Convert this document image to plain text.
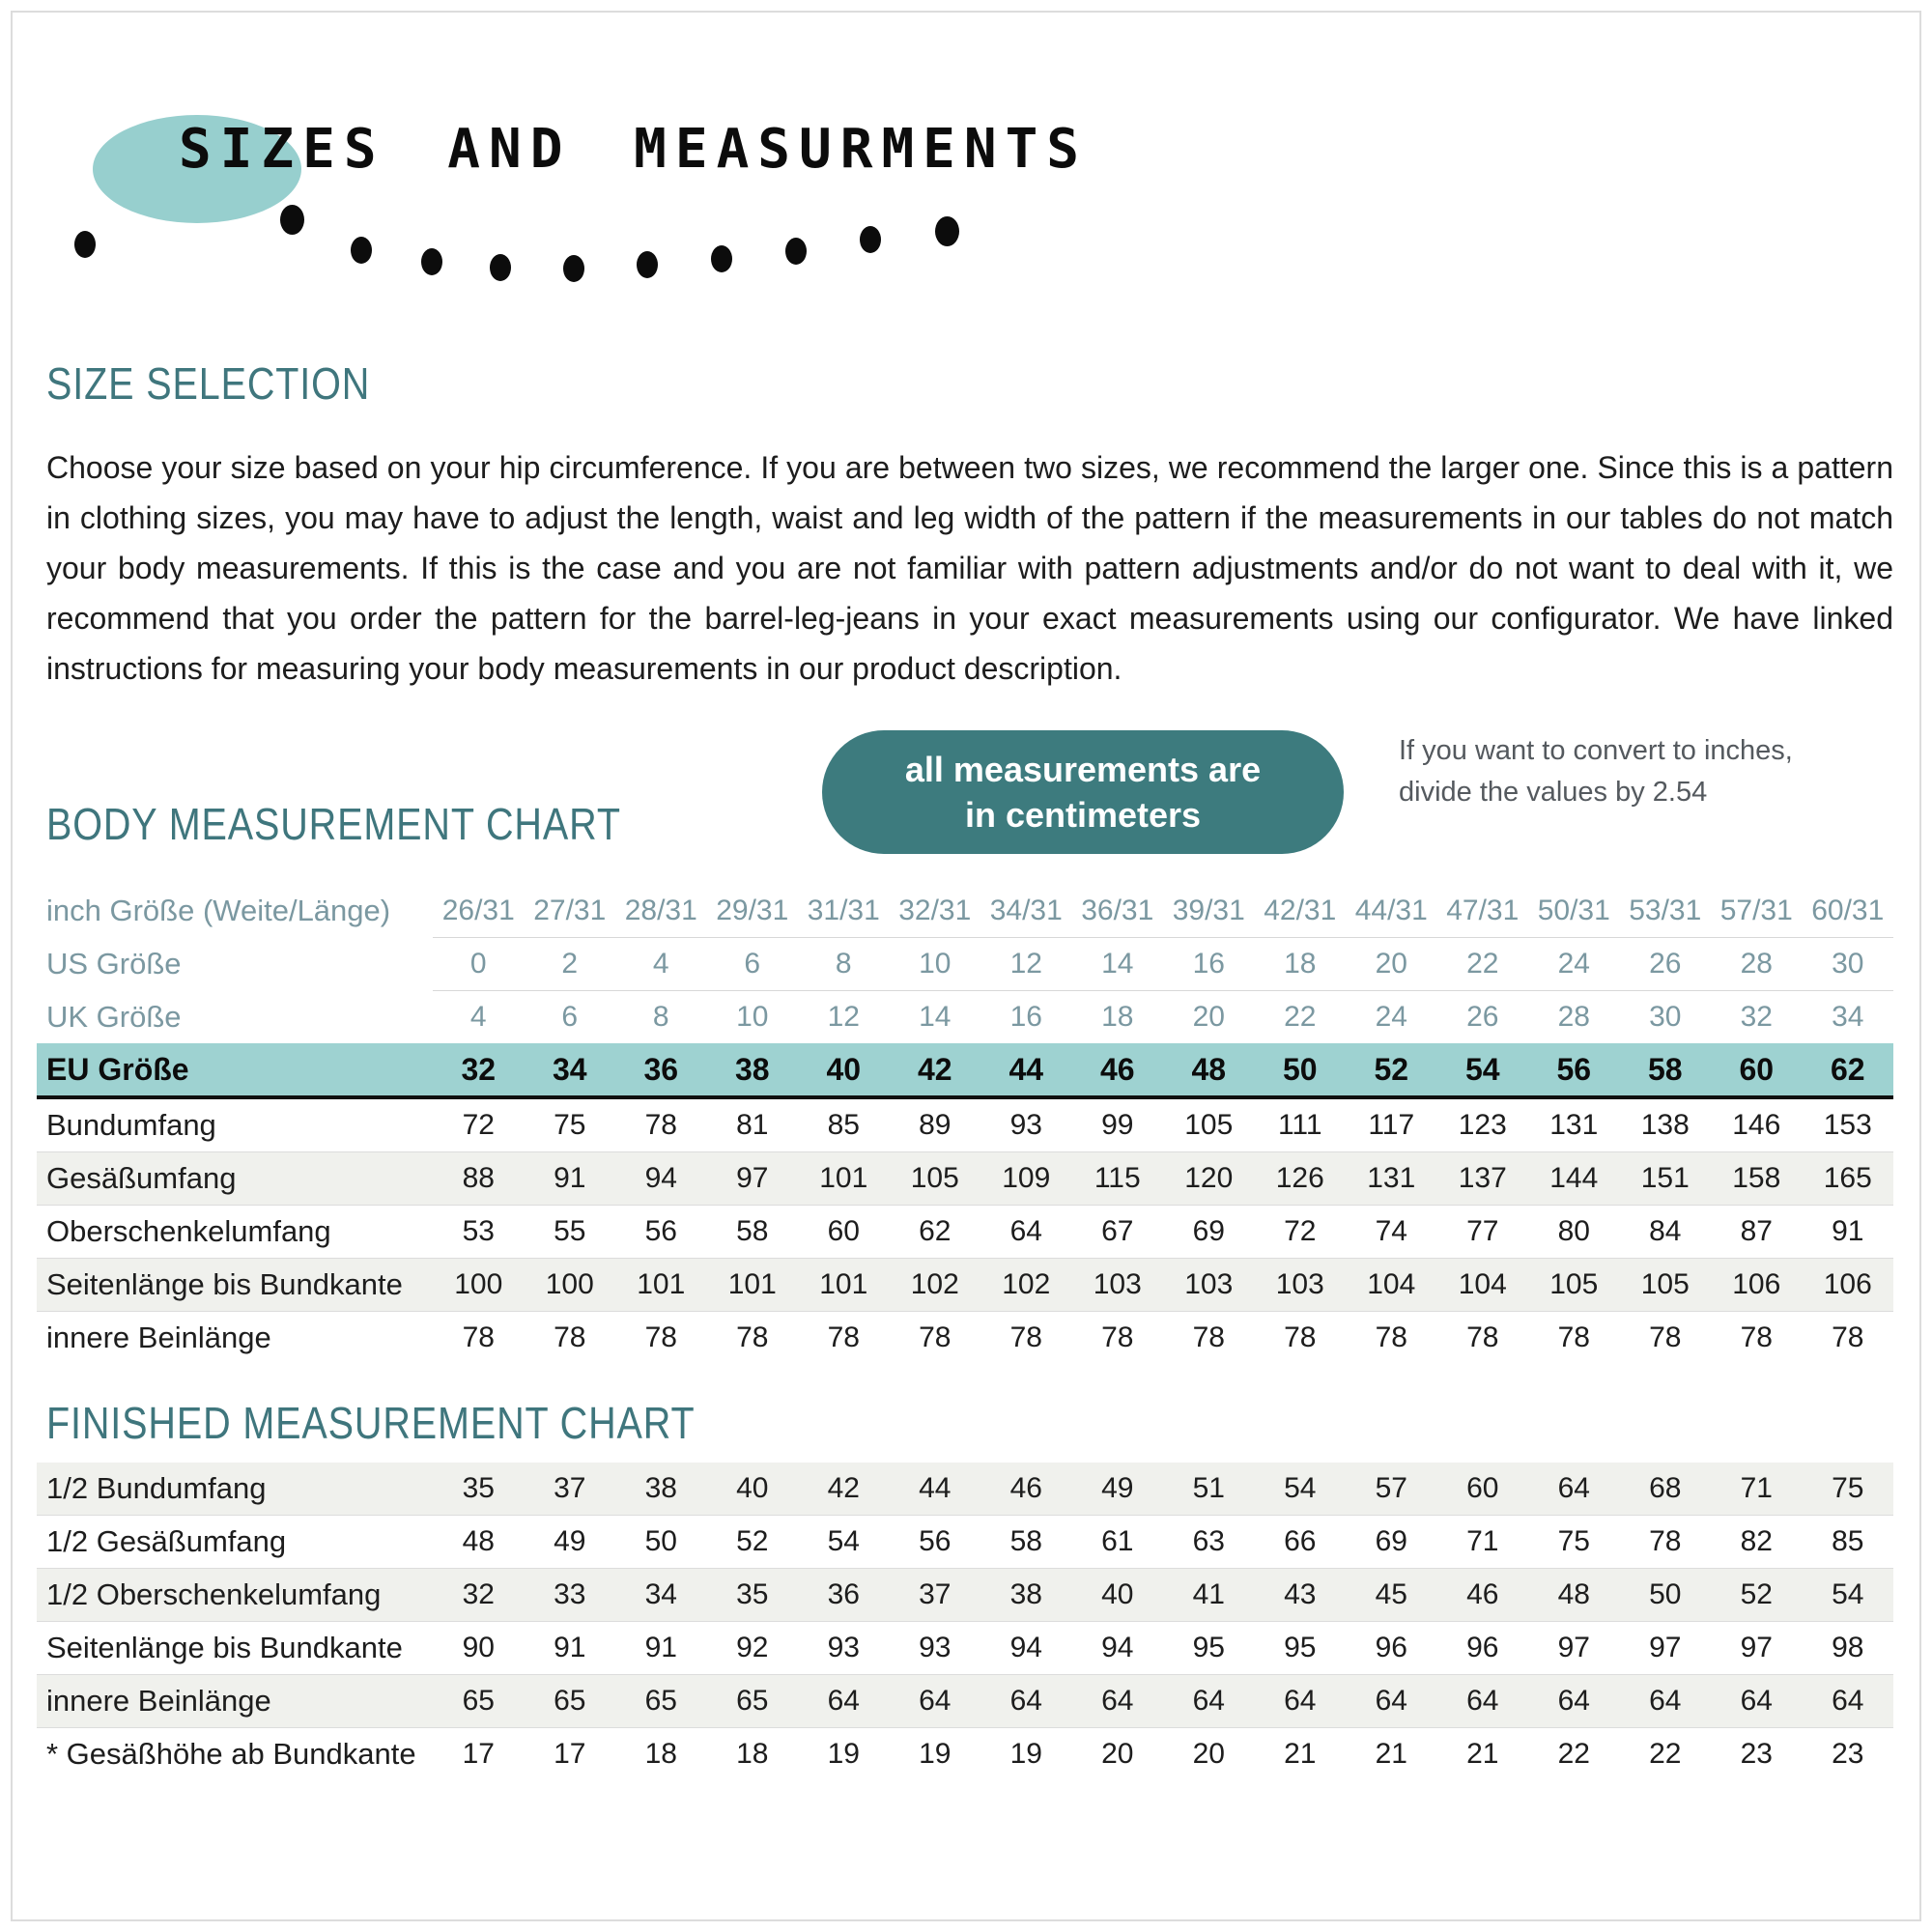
SIZES AND MEASURMENTS
SIZE SELECTION

Choose your size based on your hip circumference. If you are between two sizes, we recommend the larger one. Since this is a pattern in clothing sizes, you may have to adjust the length, waist and leg width of the pattern if the measurements in our tables do not match your body measurements. If this is the case and you are not familiar with pattern adjustments and/or do not want to deal with it, we recommend that you order the pattern for the barrel-leg-jeans in your exact measurements using our configurator. We have linked instructions for measuring your body measurements in our product description.

BODY MEASUREMENT CHART
all measurements are
in centimeters
If you want to convert to inches,
divide the values by 2.54
inch Größe (Weite/Länge)	26/31	27/31	28/31	29/31	31/31	32/31	34/31	36/31	39/31	42/31	44/31	47/31	50/31	53/31	57/31	60/31
US Größe	0	2	4	6	8	10	12	14	16	18	20	22	24	26	28	30
UK Größe	4	6	8	10	12	14	16	18	20	22	24	26	28	30	32	34
EU Größe	32	34	36	38	40	42	44	46	48	50	52	54	56	58	60	62
Bundumfang	72	75	78	81	85	89	93	99	105	111	117	123	131	138	146	153
Gesäßumfang	88	91	94	97	101	105	109	115	120	126	131	137	144	151	158	165
Oberschenkelumfang	53	55	56	58	60	62	64	67	69	72	74	77	80	84	87	91
Seitenlänge bis Bundkante	100	100	101	101	101	102	102	103	103	103	104	104	105	105	106	106
innere Beinlänge	78	78	78	78	78	78	78	78	78	78	78	78	78	78	78	78
FINISHED MEASUREMENT CHART
1/2 Bundumfang	35	37	38	40	42	44	46	49	51	54	57	60	64	68	71	75
1/2 Gesäßumfang	48	49	50	52	54	56	58	61	63	66	69	71	75	78	82	85
1/2 Oberschenkelumfang	32	33	34	35	36	37	38	40	41	43	45	46	48	50	52	54
Seitenlänge bis Bundkante	90	91	91	92	93	93	94	94	95	95	96	96	97	97	97	98
innere Beinlänge	65	65	65	65	64	64	64	64	64	64	64	64	64	64	64	64
* Gesäßhöhe ab Bundkante	17	17	18	18	19	19	19	20	20	21	21	21	22	22	23	23
